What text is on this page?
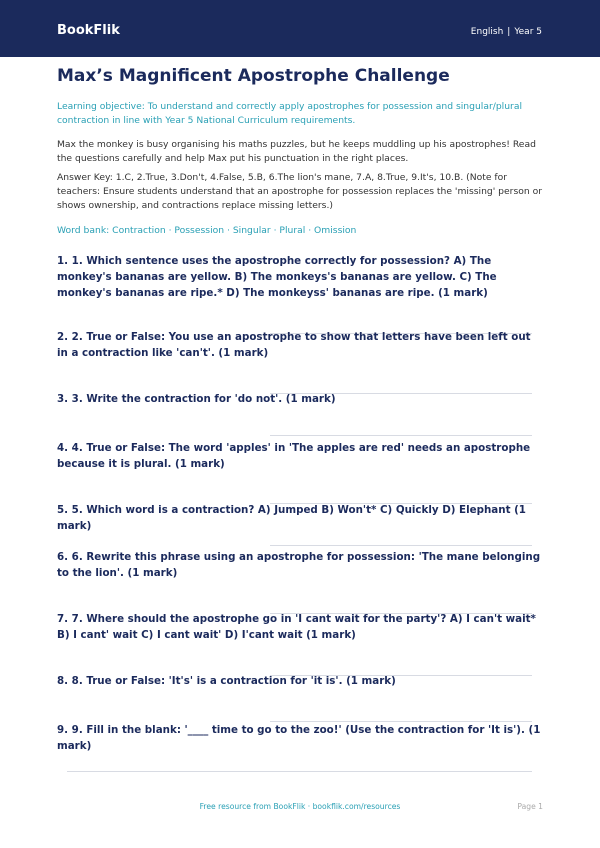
BookFlik	English | Year 5
Max’s Magnificent Apostrophe Challenge
Learning objective: To understand and correctly apply apostrophes for possession and singular/plural contraction in line with Year 5 National Curriculum requirements.
Max the monkey is busy organising his maths puzzles, but he keeps muddling up his apostrophes! Read the questions carefully and help Max put his punctuation in the right places.
Answer Key: 1.C, 2.True, 3.Don't, 4.False, 5.B, 6.The lion's mane, 7.A, 8.True, 9.It's, 10.B. (Note for teachers: Ensure students understand that an apostrophe for possession replaces the 'missing' person or shows ownership, and contractions replace missing letters.)
Word bank: Contraction · Possession · Singular · Plural · Omission
1. 1. Which sentence uses the apostrophe correctly for possession? A) The monkey's bananas are yellow. B) The monkeys's bananas are yellow. C) The monkey's bananas are ripe.* D) The monkeyss' bananas are ripe. (1 mark)
2. 2. True or False: You use an apostrophe to show that letters have been left out in a contraction like 'can't'. (1 mark)
3. 3. Write the contraction for 'do not'. (1 mark)
4. 4. True or False: The word 'apples' in 'The apples are red' needs an apostrophe because it is plural. (1 mark)
5. 5. Which word is a contraction? A) Jumped B) Won't* C) Quickly D) Elephant (1 mark)
6. 6. Rewrite this phrase using an apostrophe for possession: 'The mane belonging to the lion'. (1 mark)
7. 7. Where should the apostrophe go in 'I cant wait for the party'? A) I can't wait* B) I cant' wait C) I cant wait' D) I'cant wait (1 mark)
8. 8. True or False: 'It's' is a contraction for 'it is'. (1 mark)
9. 9. Fill in the blank: '____ time to go to the zoo!' (Use the contraction for 'It is'). (1 mark)
Free resource from BookFlik · bookflik.com/resources	Page 1
